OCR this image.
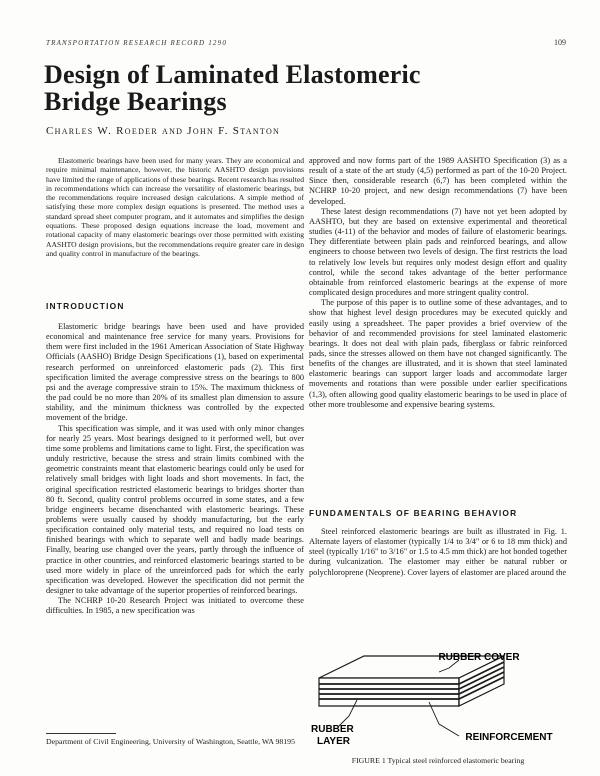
TRANSPORTATION RESEARCH RECORD 1290	109
Design of Laminated Elastomeric Bridge Bearings
Charles W. Roeder and John F. Stanton

Elastomeric bearings have been used for many years. They are economical and require minimal maintenance, however, the historic AASHTO design provisions have limited the range of applications of these bearings. Recent research has resulted in recommendations which can increase the versatility of elastomeric bearings, but the recommendations require increased design calculations. A simple method of satisfying these more complex design equations is presented. The method uses a standard spread sheet computer program, and it automates and simplifies the design equations. These proposed design equations increase the load, movement and rotational capacity of many elastomeric bearings over those permitted with existing AASHTO design provisions, but the recommendations require greater care in design and quality control in manufacture of the bearings.

INTRODUCTION

Elastomeric bridge bearings have been used and have provided economical and maintenance free service for many years. Provisions for them were first included in the 1961 American Association of State Highway Officials (AASHO) Bridge Design Specifications (1), based on experimental research performed on unreinforced elastomeric pads (2). This first specification limited the average compressive stress on the bearings to 800 psi and the average compressive strain to 15%. The maximum thickness of the pad could be no more than 20% of its smallest plan dimension to assure stability, and the minimum thickness was controlled by the expected movement of the bridge.

This specification was simple, and it was used with only minor changes for nearly 25 years. Most bearings designed to it performed well, but over time some problems and limitations came to light. First, the specification was unduly restrictive, because the stress and strain limits combined with the geometric constraints meant that elastomeric bearings could only be used for relatively small bridges with light loads and short movements. In fact, the original specification restricted elastomeric bearings to bridges shorter than 80 ft. Second, quality control problems occurred in some states, and a few bridge engineers became disenchanted with elastomeric bearings. These problems were usually caused by shoddy manufacturing, but the early specification contained only material tests, and required no load tests on finished bearings with which to separate well and badly made bearings. Finally, bearing use changed over the years, partly through the influence of practice in other countries, and reinforced elastomeric bearings started to be used more widely in place of the unreinforced pads for which the early specification was developed. However the specification did not permit the designer to take advantage of the superior properties of reinforced bearings.

The NCHRP 10-20 Research Project was initiated to overcome these difficulties. In 1985, a new specification was

Department of Civil Engineering, University of Washington, Seattle, WA 98195

approved and now forms part of the 1989 AASHTO Specification (3) as a result of a state of the art study (4,5) performed as part of the 10-20 Project. Since then, considerable research (6,7) has been completed within the NCHRP 10-20 project, and new design recommendations (7) have been developed.

These latest design recommendations (7) have not yet been adopted by AASHTO, but they are based on extensive experimental and theoretical studies (4-11) of the behavior and modes of failure of elastomeric bearings. They differentiate between plain pads and reinforced bearings, and allow engineers to choose between two levels of design. The first restricts the load to relatively low levels but requires only modest design effort and quality control, while the second takes advantage of the better performance obtainable from reinforced elastomeric bearings at the expense of more complicated design procedures and more stringent quality control.

The purpose of this paper is to outline some of these advantages, and to show that highest level design procedures may be executed quickly and easily using a spreadsheet. The paper provides a brief overview of the behavior of and recommended provisions for steel laminated elastomeric bearings. It does not deal with plain pads, fiberglass or fabric reinforced pads, since the stresses allowed on them have not changed significantly. The benefits of the changes are illustrated, and it is shown that steel laminated elastomeric bearings can support larger loads and accommodate larger movements and rotations than were possible under earlier specifications (1,3), often allowing good quality elastomeric bearings to be used in place of other more troublesome and expensive bearing systems.

FUNDAMENTALS OF BEARING BEHAVIOR

Steel reinforced elastomeric bearings are built as illustrated in Fig. 1. Alternate layers of elastomer (typically 1/4 to 3/4" or 6 to 18 mm thick) and steel (typically 1/16" to 3/16" or 1.5 to 4.5 mm thick) are hot bonded together during vulcanization. The elastomer may either be natural rubber or polychloroprene (Neoprene). Cover layers of elastomer are placed around the

RUBBER COVER
RUBBER
LAYER	REINFORCEMENT
FIGURE 1 Typical steel reinforced elastomeric bearing
